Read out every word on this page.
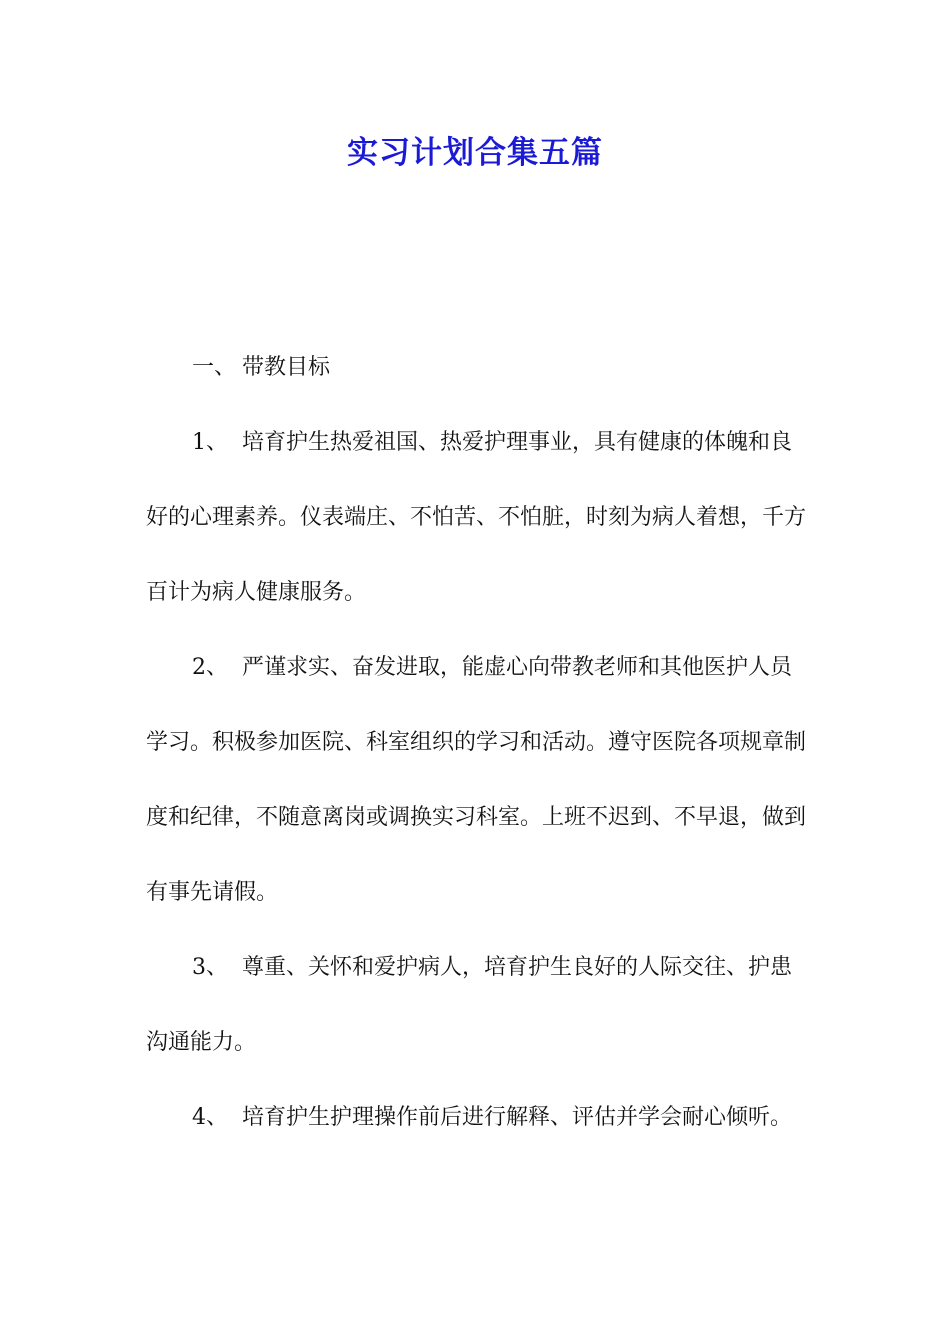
实习计划合集五篇

一、 带教目标

1、 培育护生热爱祖国、热爱护理事业，具有健康的体魄和良好的心理素养。仪表端庄、不怕苦、不怕脏，时刻为病人着想，千方百计为病人健康服务。

2、 严谨求实、奋发进取，能虚心向带教老师和其他医护人员学习。积极参加医院、科室组织的学习和活动。遵守医院各项规章制度和纪律，不随意离岗或调换实习科室。上班不迟到、不早退，做到有事先请假。

3、 尊重、关怀和爱护病人，培育护生良好的人际交往、护患沟通能力。

4、 培育护生护理操作前后进行解释、评估并学会耐心倾听。
